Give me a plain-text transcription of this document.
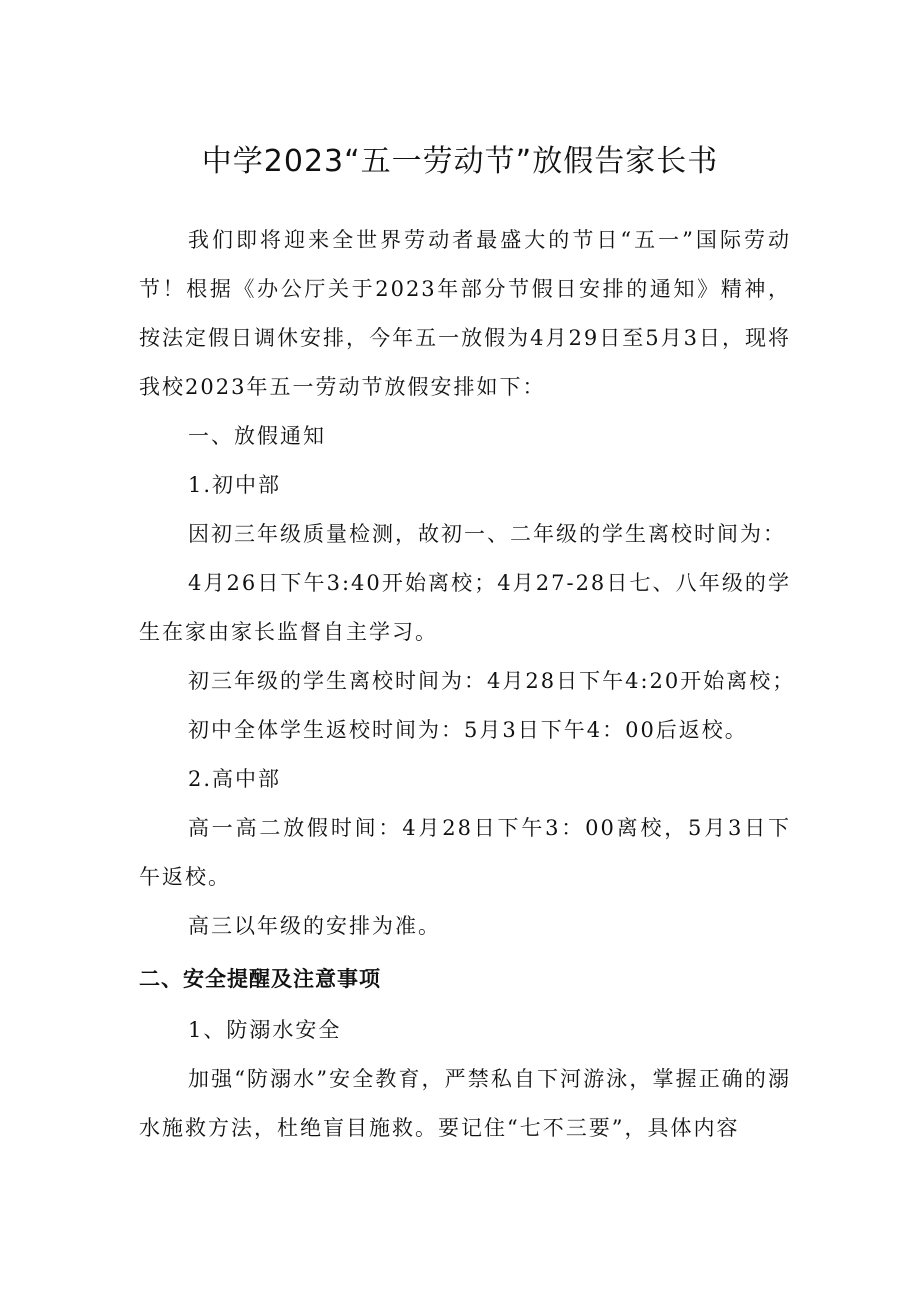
中学2023“五一劳动节”放假告家长书

我们即将迎来全世界劳动者最盛大的节日“五一”国际劳动节！根据《办公厅关于2023年部分节假日安排的通知》精神，按法定假日调休安排，今年五一放假为4月29日至5月3日，现将我校2023年五一劳动节放假安排如下：

一、放假通知

1.初中部

因初三年级质量检测，故初一、二年级的学生离校时间为：

4月26日下午3:40开始离校；4月27-28日七、八年级的学生在家由家长监督自主学习。

初三年级的学生离校时间为：4月28日下午4:20开始离校；

初中全体学生返校时间为：5月3日下午4：00后返校。

2.高中部

高一高二放假时间：4月28日下午3：00离校，5月3日下午返校。

高三以年级的安排为准。

二、安全提醒及注意事项

1、防溺水安全

加强“防溺水”安全教育，严禁私自下河游泳，掌握正确的溺水施救方法，杜绝盲目施救。要记住“七不三要”，具体内容
